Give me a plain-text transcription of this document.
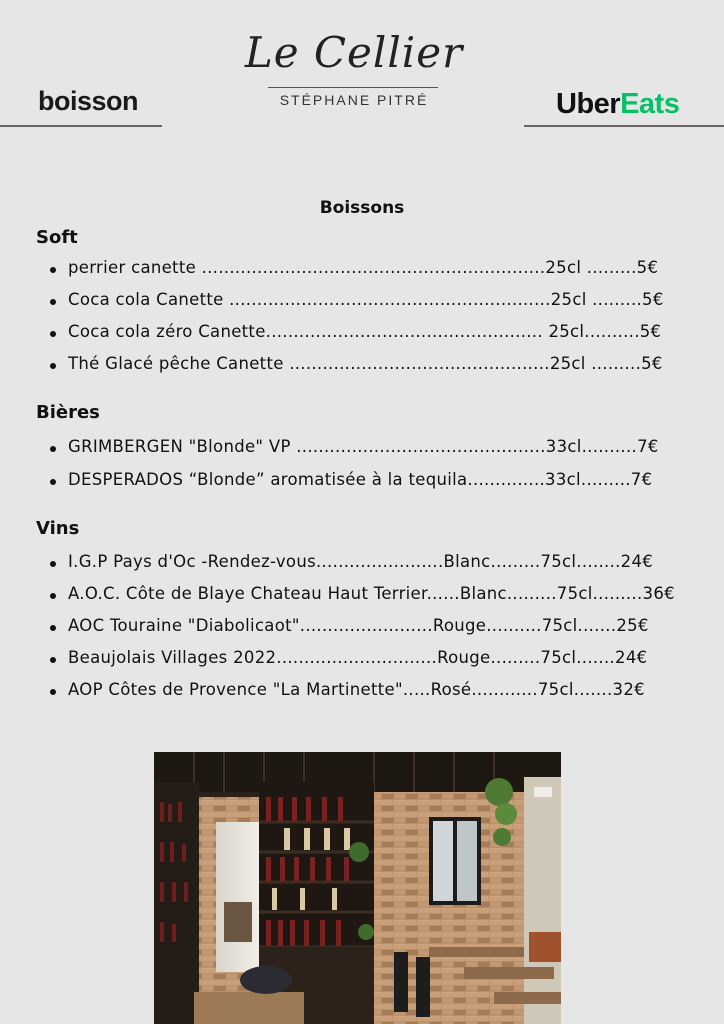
Le Cellier
STÉPHANE PITRÉ
boisson	UberEats
Boissons
Soft
perrier canette ..............................................................25cl .........5€
Coca cola Canette ..........................................................25cl .........5€
Coca cola zéro Canette.................................................. 25cl..........5€
Thé Glacé pêche Canette ...............................................25cl .........5€
Bières
GRIMBERGEN "Blonde" VP .............................................33cl..........7€
DESPERADOS “Blonde” aromatisée à la tequila..............33cl.........7€
Vins
I.G.P Pays d'Oc -Rendez-vous.......................Blanc.........75cl........24€
A.O.C. Côte de Blaye Chateau Haut Terrier......Blanc.........75cl.........36€
AOC Touraine "Diabolicaot"........................Rouge..........75cl.......25€
Beaujolais Villages 2022.............................Rouge.........75cl.......24€
AOP Côtes de Provence "La Martinette".....Rosé............75cl.......32€
